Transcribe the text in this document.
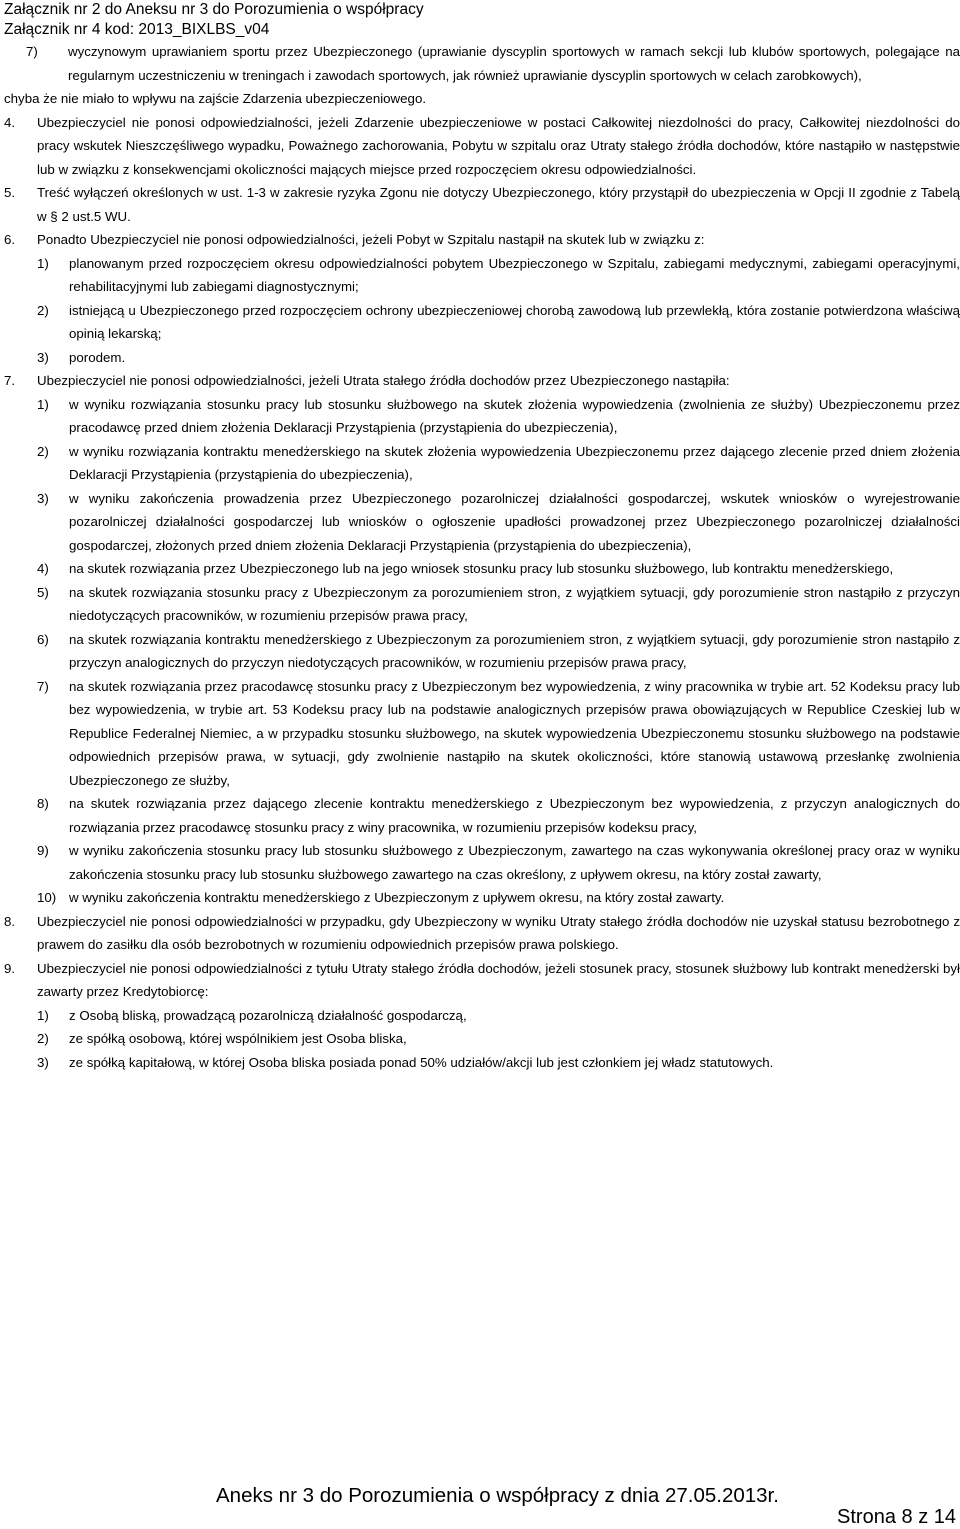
Załącznik nr 2 do Aneksu nr 3 do Porozumienia o współpracy

Załącznik nr 4 kod: 2013_BIXLBS_v04

7)	wyczynowym uprawianiem sportu przez Ubezpieczonego (uprawianie dyscyplin sportowych w ramach sekcji lub klubów sportowych, polegające na regularnym uczestniczeniu w treningach i zawodach sportowych, jak również uprawianie dyscyplin sportowych w celach zarobkowych),

chyba że nie miało to wpływu na zajście Zdarzenia ubezpieczeniowego.

4.	Ubezpieczyciel nie ponosi odpowiedzialności, jeżeli Zdarzenie ubezpieczeniowe w postaci Całkowitej niezdolności do pracy, Całkowitej niezdolności do pracy wskutek Nieszczęśliwego wypadku, Poważnego zachorowania, Pobytu w szpitalu oraz Utraty stałego źródła dochodów, które nastąpiło w następstwie lub w związku z konsekwencjami okoliczności mających miejsce przed rozpoczęciem okresu odpowiedzialności.
5.	Treść wyłączeń określonych w ust. 1-3 w zakresie ryzyka Zgonu nie dotyczy Ubezpieczonego, który przystąpił do ubezpieczenia w Opcji II zgodnie z Tabelą w § 2 ust.5 WU.
6.	Ponadto Ubezpieczyciel nie ponosi odpowiedzialności, jeżeli Pobyt w Szpitalu nastąpił na skutek lub w związku z:
1)	planowanym przed rozpoczęciem okresu odpowiedzialności pobytem Ubezpieczonego w Szpitalu, zabiegami medycznymi, zabiegami operacyjnymi, rehabilitacyjnymi lub zabiegami diagnostycznymi;
2)	istniejącą u Ubezpieczonego przed rozpoczęciem ochrony ubezpieczeniowej chorobą zawodową lub przewlekłą, która zostanie potwierdzona właściwą opinią lekarską;
3)	porodem.
7.	Ubezpieczyciel nie ponosi odpowiedzialności, jeżeli Utrata stałego źródła dochodów przez Ubezpieczonego nastąpiła:
1)	w wyniku rozwiązania stosunku pracy lub stosunku służbowego na skutek złożenia wypowiedzenia (zwolnienia ze służby) Ubezpieczonemu przez pracodawcę przed dniem złożenia Deklaracji Przystąpienia (przystąpienia do ubezpieczenia),
2)	w wyniku rozwiązania kontraktu menedżerskiego na skutek złożenia wypowiedzenia Ubezpieczonemu przez dającego zlecenie przed dniem złożenia Deklaracji Przystąpienia (przystąpienia do ubezpieczenia),
3)	w wyniku zakończenia prowadzenia przez Ubezpieczonego pozarolniczej działalności gospodarczej, wskutek wniosków o wyrejestrowanie pozarolniczej działalności gospodarczej lub wniosków o ogłoszenie upadłości prowadzonej przez Ubezpieczonego pozarolniczej działalności gospodarczej, złożonych przed dniem złożenia Deklaracji Przystąpienia (przystąpienia do ubezpieczenia),
4)	na skutek rozwiązania przez Ubezpieczonego lub na jego wniosek stosunku pracy lub stosunku służbowego, lub kontraktu menedżerskiego,
5)	na skutek rozwiązania stosunku pracy z Ubezpieczonym za porozumieniem stron, z wyjątkiem sytuacji, gdy porozumienie stron nastąpiło z przyczyn niedotyczących pracowników, w rozumieniu przepisów prawa pracy,
6)	na skutek rozwiązania kontraktu menedżerskiego z Ubezpieczonym za porozumieniem stron, z wyjątkiem sytuacji, gdy porozumienie stron nastąpiło z przyczyn analogicznych do przyczyn niedotyczących pracowników, w rozumieniu przepisów prawa pracy,
7)	na skutek rozwiązania przez pracodawcę stosunku pracy z Ubezpieczonym bez wypowiedzenia, z winy pracownika w trybie art. 52 Kodeksu pracy lub bez wypowiedzenia, w trybie art. 53 Kodeksu pracy lub na podstawie analogicznych przepisów prawa obowiązujących w Republice Czeskiej lub w Republice Federalnej Niemiec, a w przypadku stosunku służbowego, na skutek wypowiedzenia Ubezpieczonemu stosunku służbowego na podstawie odpowiednich przepisów prawa, w sytuacji, gdy zwolnienie nastąpiło na skutek okoliczności, które stanowią ustawową przesłankę zwolnienia Ubezpieczonego ze służby,
8)	na skutek rozwiązania przez dającego zlecenie kontraktu menedżerskiego z Ubezpieczonym bez wypowiedzenia, z przyczyn analogicznych do rozwiązania przez pracodawcę stosunku pracy z winy pracownika, w rozumieniu przepisów kodeksu pracy,
9)	w wyniku zakończenia stosunku pracy lub stosunku służbowego z Ubezpieczonym, zawartego na czas wykonywania określonej pracy oraz w wyniku zakończenia stosunku pracy lub stosunku służbowego zawartego na czas określony, z upływem okresu, na który został zawarty,
10) w wyniku zakończenia kontraktu menedżerskiego z Ubezpieczonym z upływem okresu, na który został zawarty.
8.	Ubezpieczyciel nie ponosi odpowiedzialności w przypadku, gdy Ubezpieczony w wyniku Utraty stałego źródła dochodów nie uzyskał statusu bezrobotnego z prawem do zasiłku dla osób bezrobotnych w rozumieniu odpowiednich przepisów prawa polskiego.
9.	Ubezpieczyciel nie ponosi odpowiedzialności z tytułu Utraty stałego źródła dochodów, jeżeli stosunek pracy, stosunek służbowy lub kontrakt menedżerski był zawarty przez Kredytobiorcę:
1)	z Osobą bliską, prowadzącą pozarolniczą działalność gospodarczą,
2)	ze spółką osobową, której wspólnikiem jest Osoba bliska,
3)	ze spółką kapitałową, w której Osoba bliska posiada ponad 50% udziałów/akcji lub jest członkiem jej władz statutowych.
Aneks nr 3 do Porozumienia o współpracy z dnia 27.05.2013r.
Strona 8 z 14
